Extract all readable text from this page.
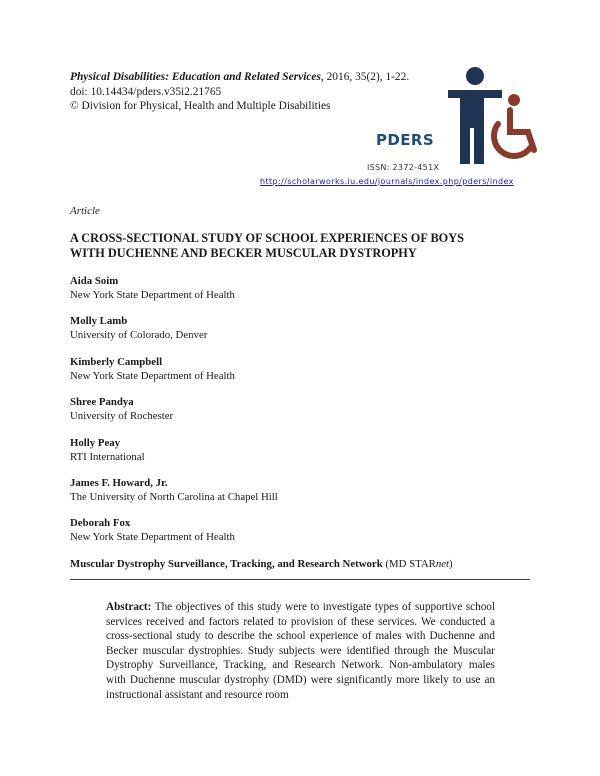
Physical Disabilities: Education and Related Services, 2016, 35(2), 1-22.
doi: 10.14434/pders.v35i2.21765
© Division for Physical, Health and Multiple Disabilities
PDERS
ISSN: 2372-451X
http://scholarworks.iu.edu/journals/index.php/pders/index
Article
A CROSS-SECTIONAL STUDY OF SCHOOL EXPERIENCES OF BOYS
WITH DUCHENNE AND BECKER MUSCULAR DYSTROPHY
Aida Soim
New York State Department of Health
Molly Lamb
University of Colorado, Denver
Kimberly Campbell
New York State Department of Health
Shree Pandya
University of Rochester
Holly Peay
RTI International
James F. Howard, Jr.
The University of North Carolina at Chapel Hill
Deborah Fox
New York State Department of Health
Muscular Dystrophy Surveillance, Tracking, and Research Network (MD STARnet)
Abstract: The objectives of this study were to investigate types of supportive school services received and factors related to provision of these services. We conducted a cross-sectional study to describe the school experience of males with Duchenne and Becker muscular dystrophies. Study subjects were identified through the Muscular Dystrophy Surveillance, Tracking, and Research Network. Non-ambulatory males with Duchenne muscular dystrophy (DMD) were significantly more likely to use an instructional assistant and resource room
